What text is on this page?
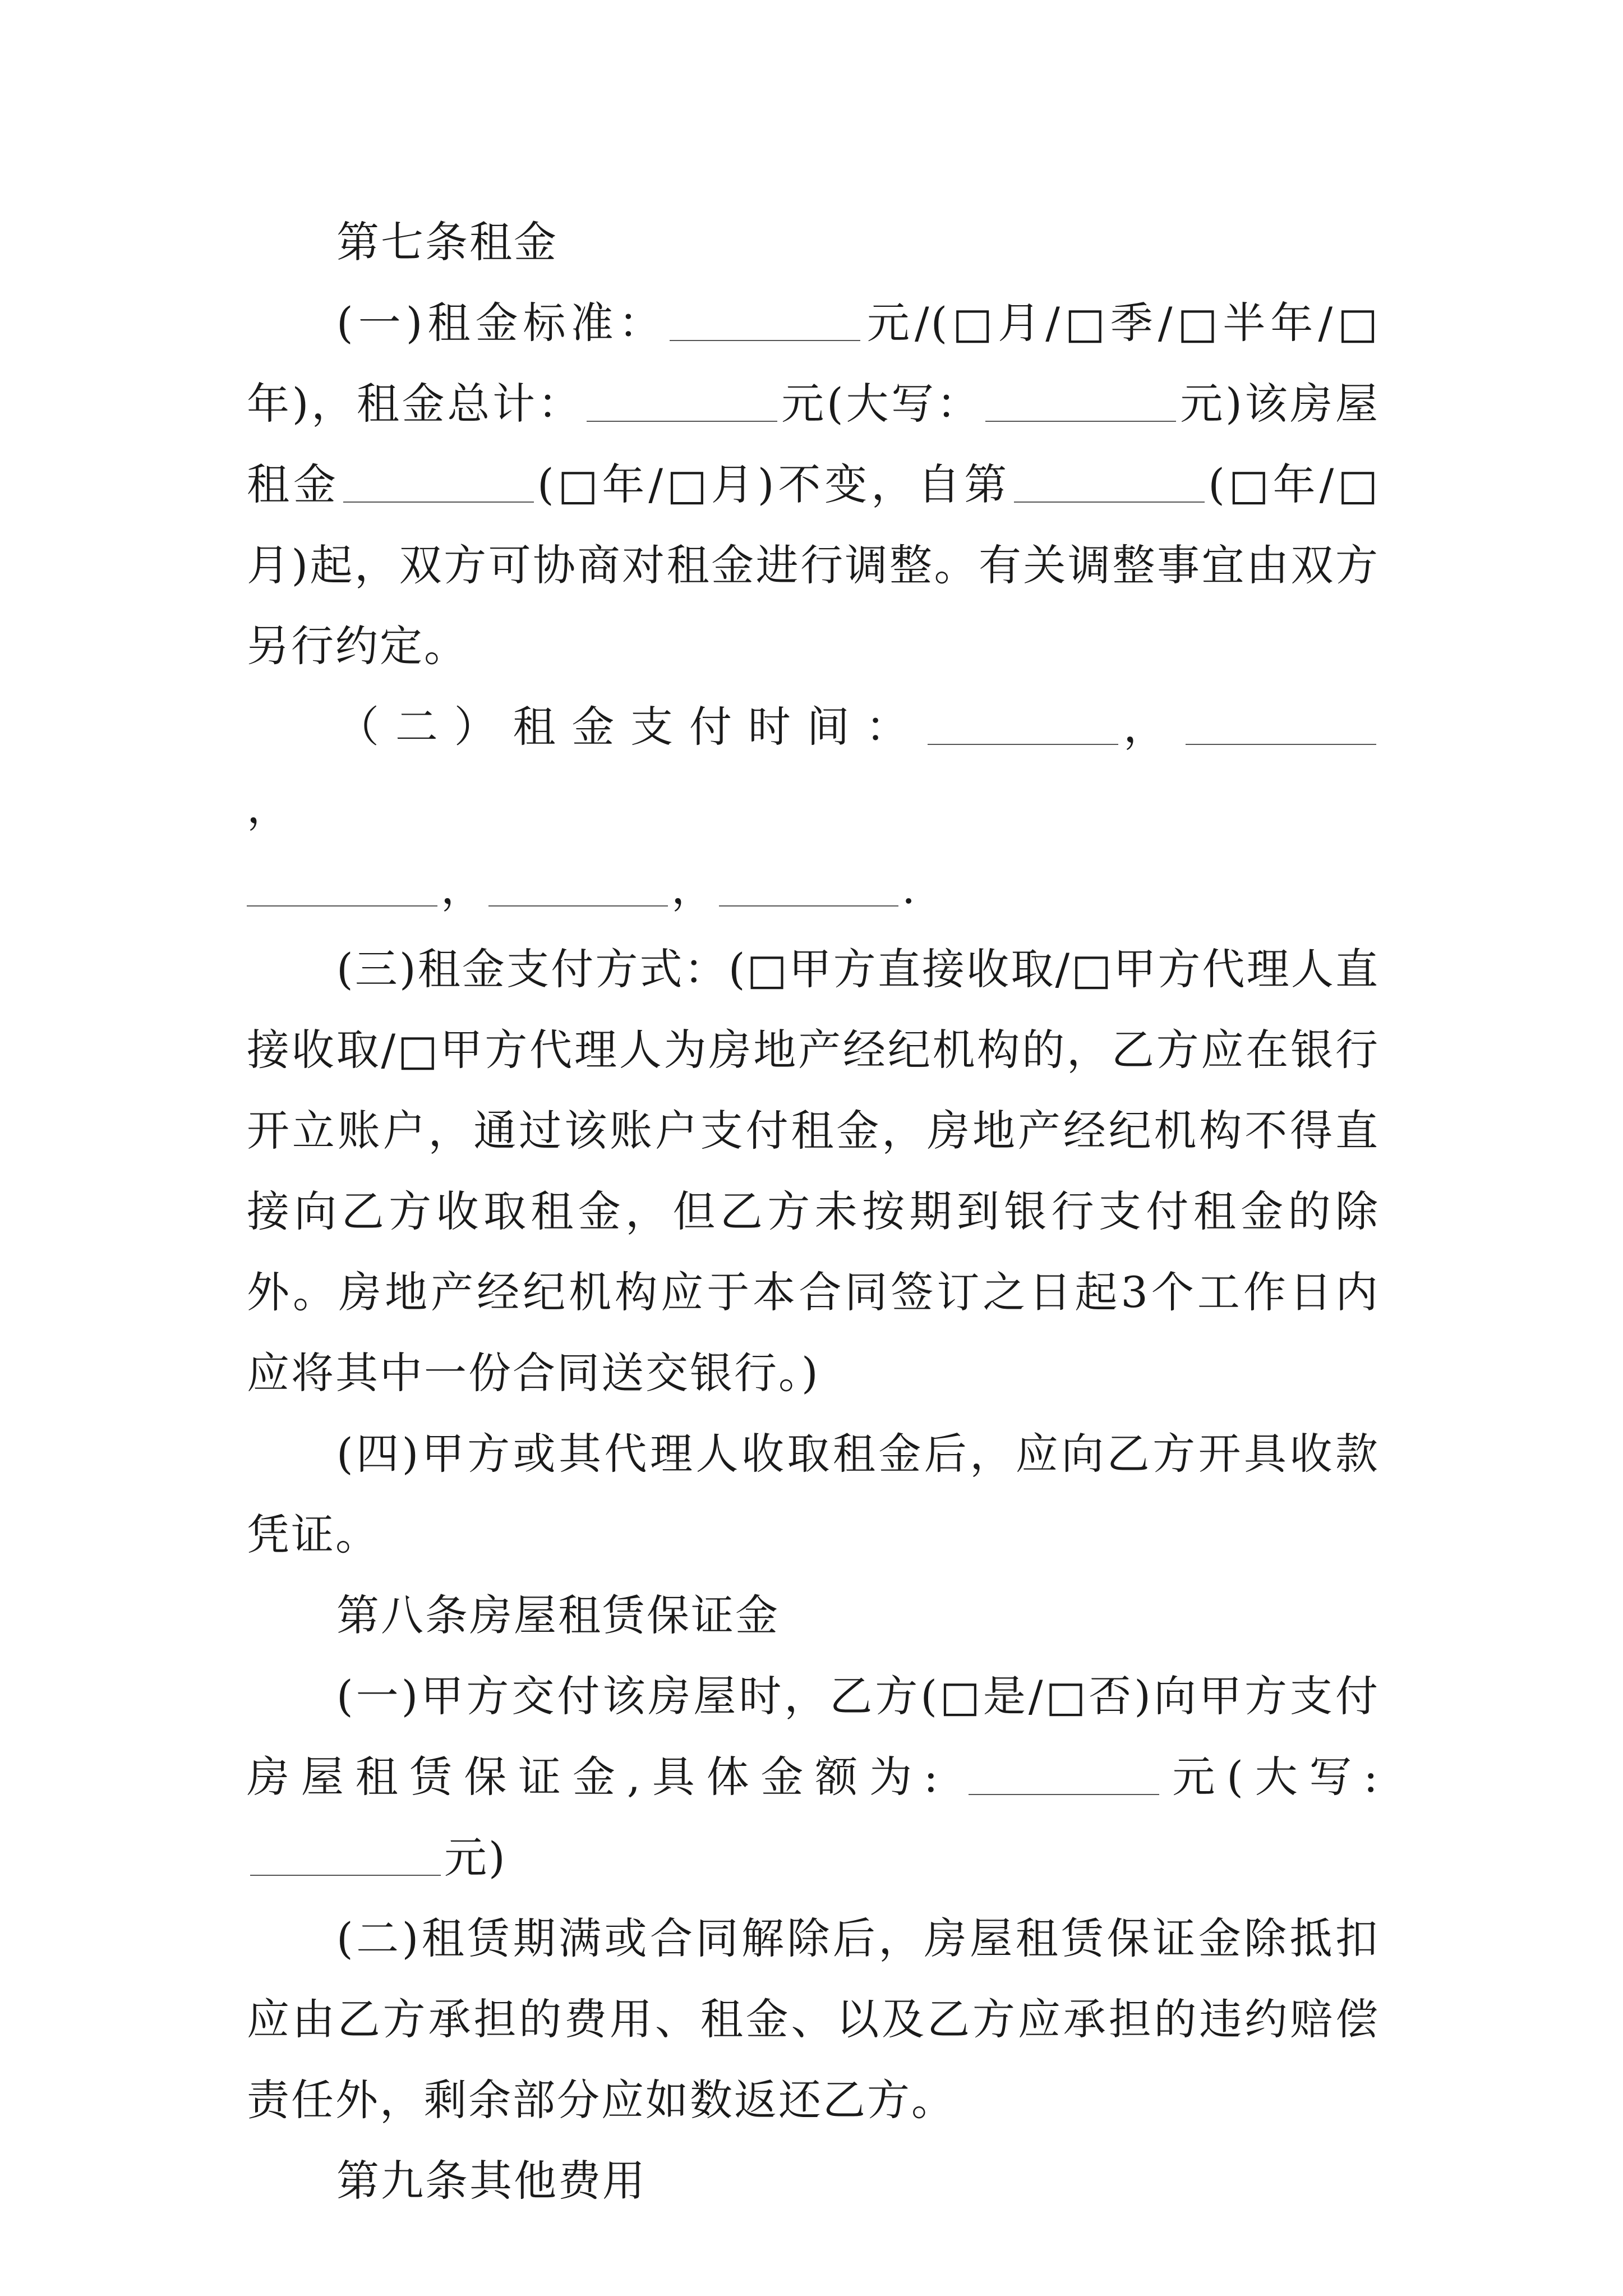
第七条租金

(一)租金标准：	元/(□月/□季/□半年/□年)，租金总计：	元(大写：	元)该房屋租金	(□年/□月)不变，自第	(□年/□月)起，双方可协商对租金进行调整。有关调整事宜由双方另行约定。

（二）租金支付时间：	，，
，	，	.

(三)租金支付方式：(□甲方直接收取/□甲方代理人直接收取/□甲方代理人为房地产经纪机构的，乙方应在银行开立账户，通过该账户支付租金，房地产经纪机构不得直接向乙方收取租金，但乙方未按期到银行支付租金的除外。房地产经纪机构应于本合同签订之日起3个工作日内应将其中一份合同送交银行。)

(四)甲方或其代理人收取租金后，应向乙方开具收款凭证。

第八条房屋租赁保证金

(一)甲方交付该房屋时，乙方(□是/□否)向甲方支付房屋租赁保证金,具体金额为:	元(大写: 元)

(二)租赁期满或合同解除后，房屋租赁保证金除抵扣应由乙方承担的费用、租金、以及乙方应承担的违约赔偿责任外，剩余部分应如数返还乙方。

第九条其他费用
